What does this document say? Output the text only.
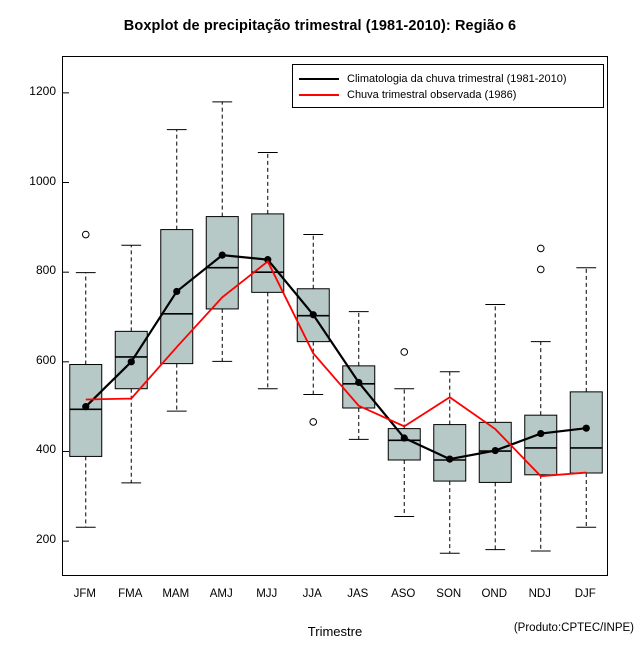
Boxplot de precipitação trimestral (1981-2010): Região 6
Trimestre	(Produto:CPTEC/INPE)
200
400
600
800
1000
1200
JFM	FMA	MAM	AMJ	MJJ	JJA	JAS	ASO	SON	OND	NDJ	DJF
Climatologia da chuva trimestral (1981-2010)
Chuva trimestral observada (1986)
